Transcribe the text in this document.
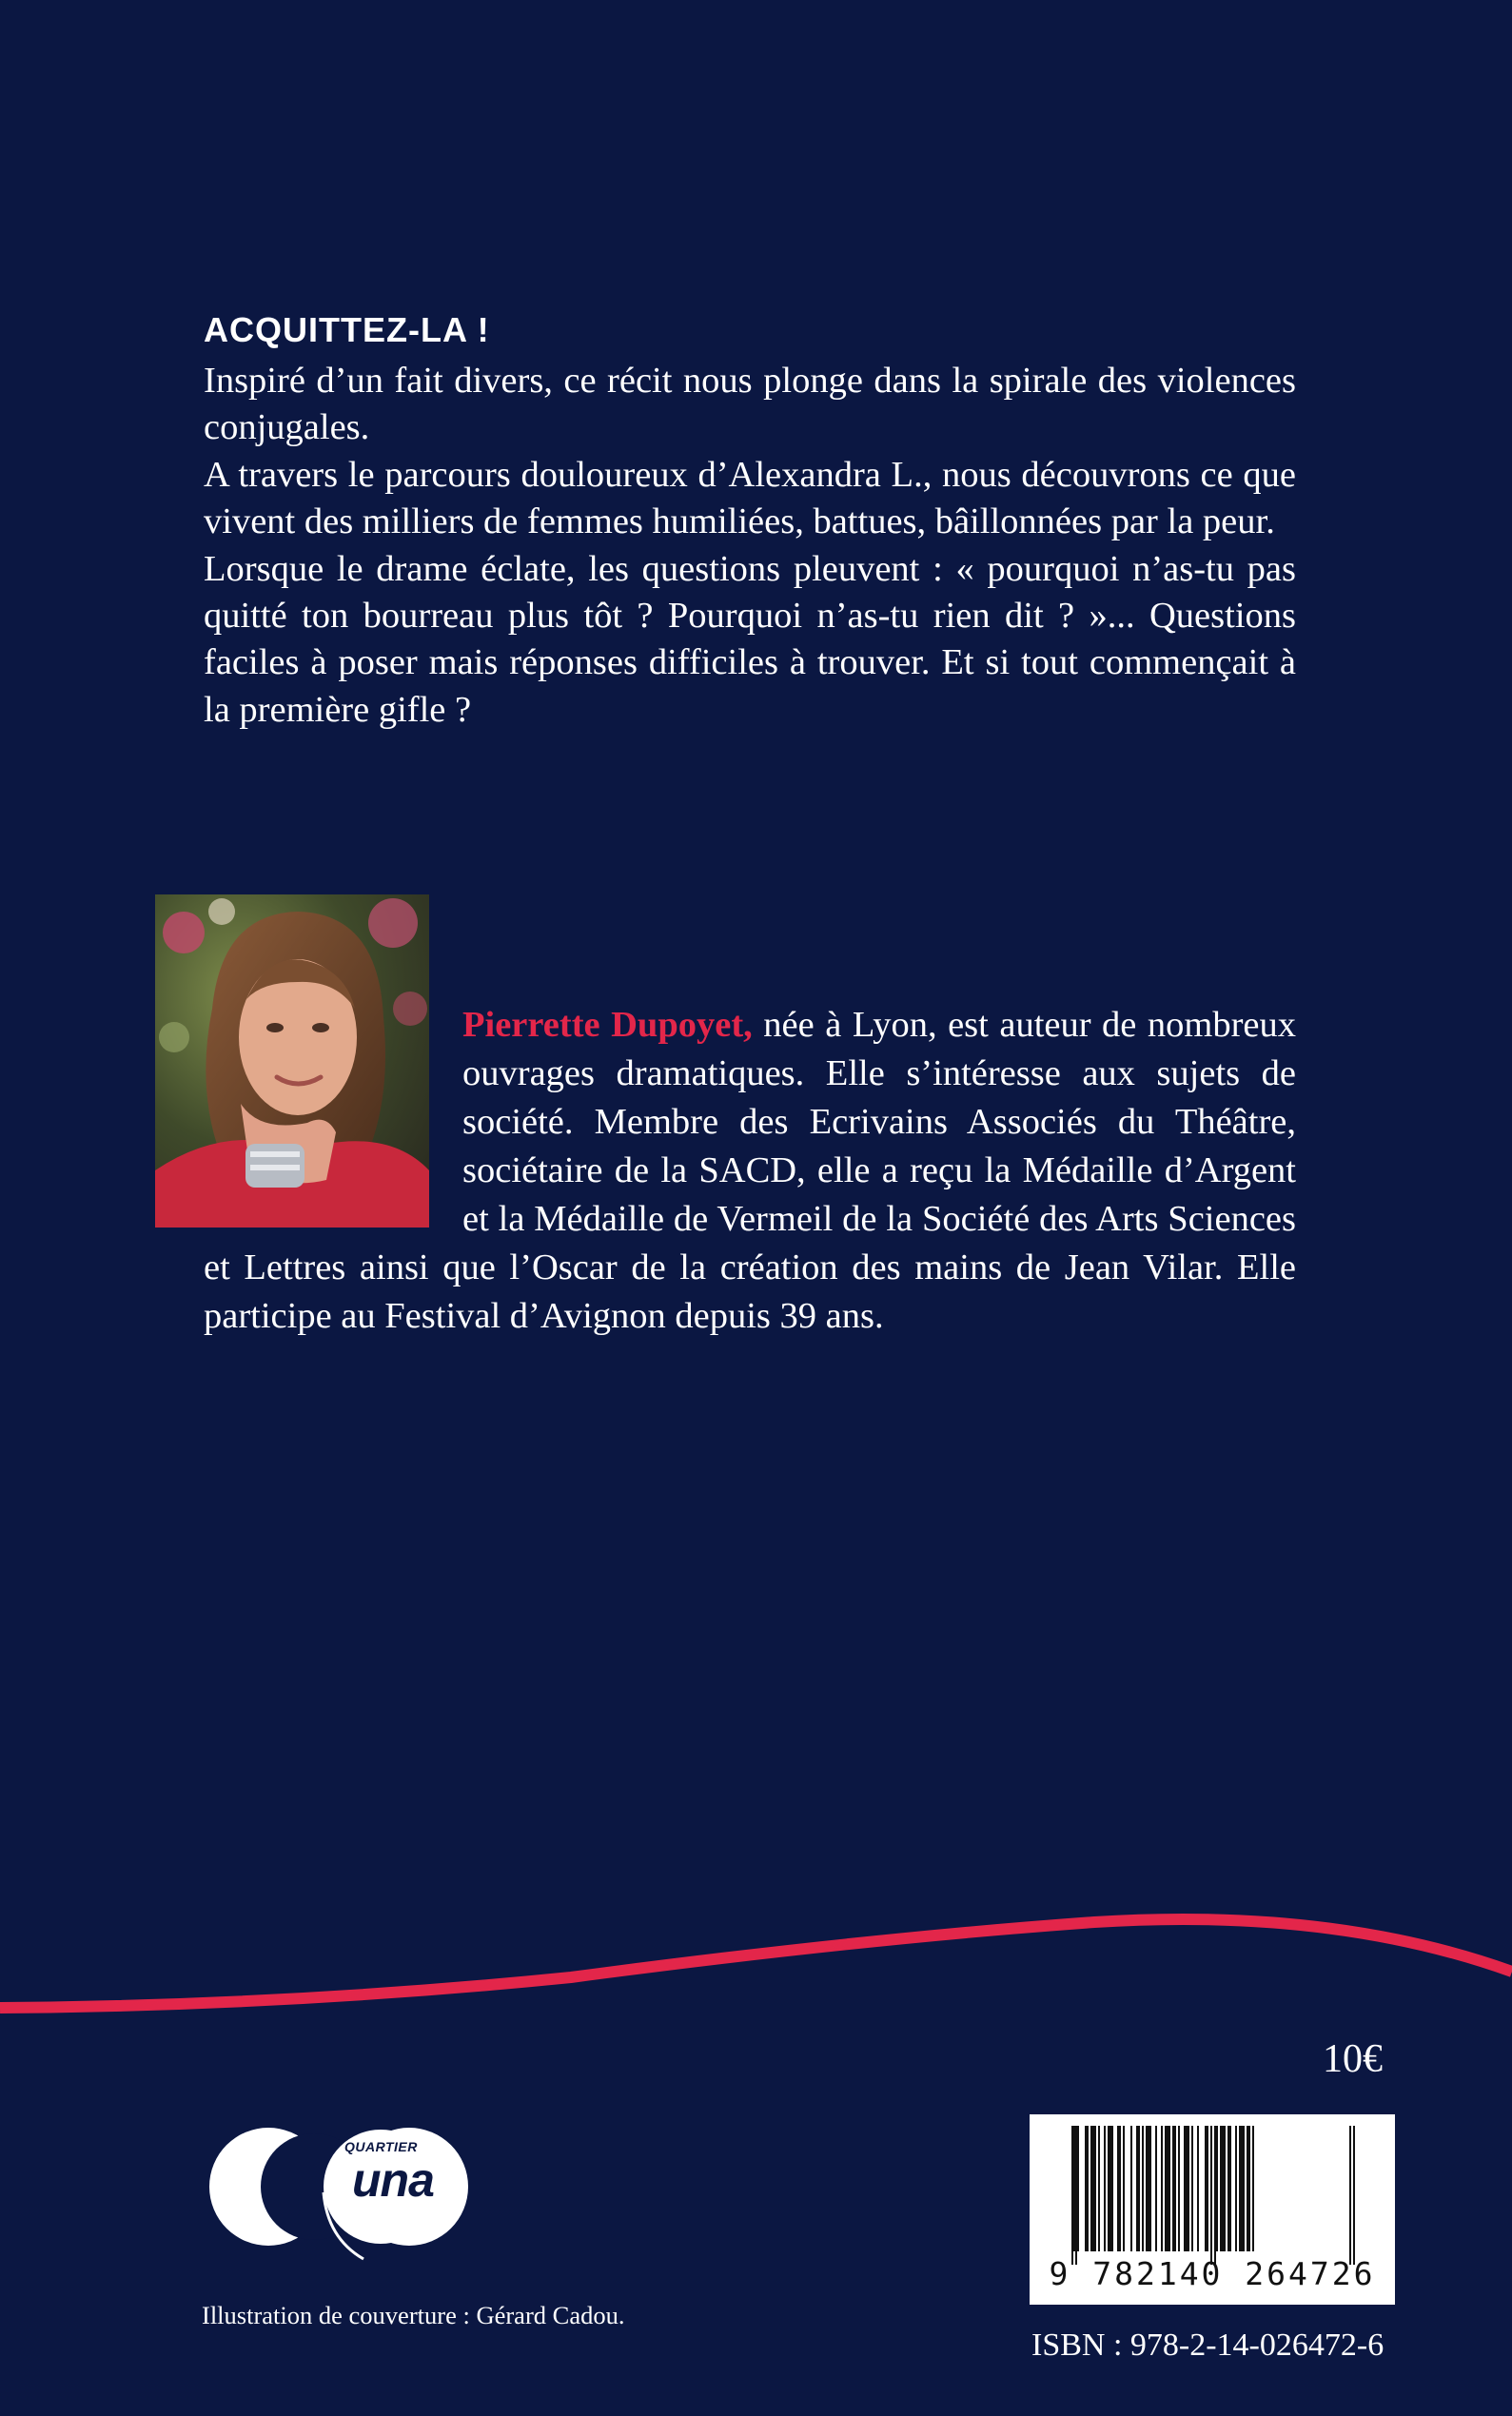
ACQUITTEZ-LA !

Inspiré d’un fait divers, ce récit nous plonge dans la spirale des violences conjugales.

A travers le parcours douloureux d’Alexandra L., nous découvrons ce que vivent des milliers de femmes humiliées, battues, bâillonnées par la peur.

Lorsque le drame éclate, les questions pleuvent : « pourquoi n’as-tu pas quitté ton bourreau plus tôt ? Pourquoi n’as-tu rien dit ? »... Questions faciles à poser mais réponses difficiles à trouver. Et si tout commençait à la première gifle ?

Pierrette Dupoyet, née à Lyon, est auteur de nombreux ouvrages dramatiques. Elle s’intéresse aux sujets de société. Membre des Ecrivains Associés du Théâtre, sociétaire de la SACD, elle a reçu la Médaille d’Argent et la Médaille de Vermeil de la Société des Arts Sciences et Lettres ainsi que l’Oscar de la création des mains de Jean Vilar. Elle participe au Festival d’Avignon depuis 39 ans.

10€
QUARTIER
una
Illustration de couverture : Gérard Cadou.
9 782140 264726
ISBN : 978-2-14-026472-6
